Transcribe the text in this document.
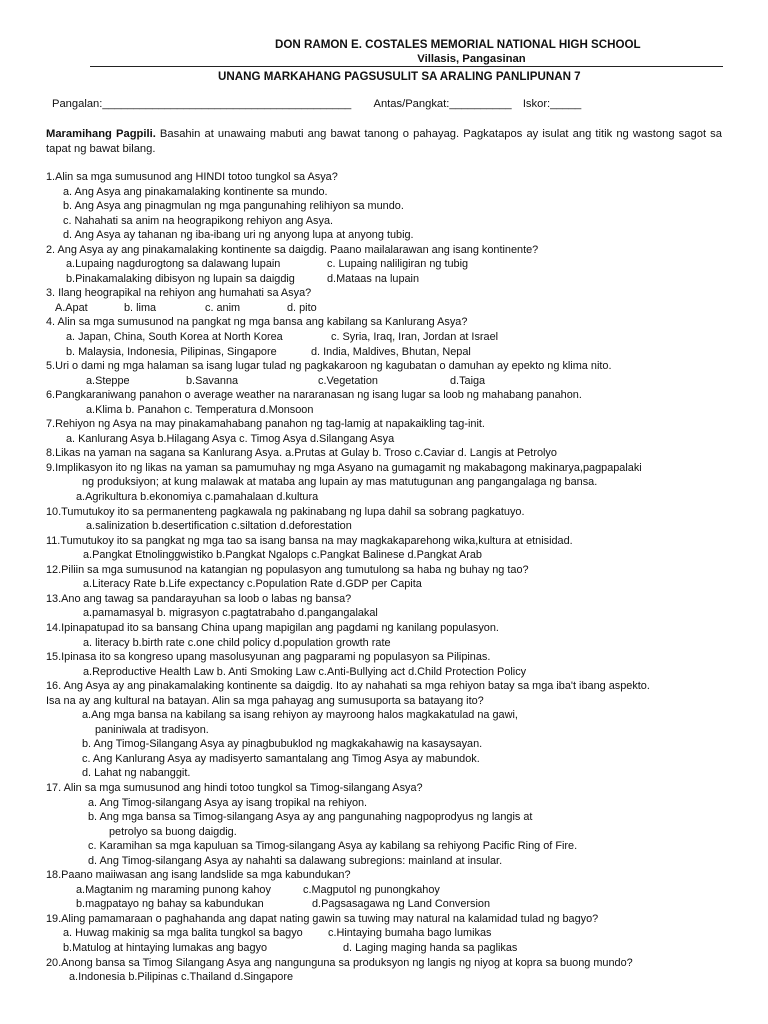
DON RAMON E. COSTALES MEMORIAL NATIONAL HIGH SCHOOL
Villasis, Pangasinan
UNANG MARKAHANG PAGSUSULIT SA ARALING PANLIPUNAN 7
Pangalan:________________________________________ Antas/Pangkat:__________ Iskor:_____
Maramihang Pagpili. Basahin at unawaing mabuti ang bawat tanong o pahayag. Pagkatapos ay isulat ang titik ng wastong sagot sa tapat ng bawat bilang.
1.Alin sa mga sumusunod ang HINDI totoo tungkol sa Asya?
a. Ang Asya ang pinakamalaking kontinente sa mundo.
b. Ang Asya ang pinagmulan ng mga pangunahing relihiyon sa mundo.
c. Nahahati sa anim na heograpikong rehiyon ang Asya.
d. Ang Asya ay tahanan ng iba-ibang uri ng anyong lupa at anyong tubig.
2. Ang Asya ay ang pinakamalaking kontinente sa daigdig. Paano mailalarawan ang isang kontinente?
a.Lupaing nagdurogtong sa dalawang lupain	c. Lupaing naliligiran ng tubig
b.Pinakamalaking dibisyon ng lupain sa daigdig	d.Mataas na lupain
3. Ilang heograpikal na rehiyon ang humahati sa Asya?
A.Apat	b. lima	c. anim	d. pito
4. Alin sa mga sumusunod na pangkat ng mga bansa ang kabilang sa Kanlurang Asya?
a. Japan, China, South Korea at North Korea	c. Syria, Iraq, Iran, Jordan at Israel
b. Malaysia, Indonesia, Pilipinas, Singapore	d. India, Maldives, Bhutan, Nepal
5.Uri o dami ng mga halaman sa isang lugar tulad ng pagkakaroon ng kagubatan o damuhan ay epekto ng klima nito.
a.Steppe	b.Savanna	c.Vegetation	d.Taiga
6.Pangkaraniwang panahon o average weather na nararanasan ng isang lugar sa loob ng mahabang panahon.
a.Klima b. Panahon c. Temperatura d.Monsoon
7.Rehiyon ng Asya na may pinakamahabang panahon ng tag-lamig at napakaikling tag-init.
a. Kanlurang Asya b.Hilagang Asya c. Timog Asya d.Silangang Asya
8.Likas na yaman na sagana sa Kanlurang Asya. a.Prutas at Gulay b. Troso c.Caviar d. Langis at Petrolyo
9.Implikasyon ito ng likas na yaman sa pamumuhay ng mga Asyano na gumagamit ng makabagong makinarya,pagpapalaki
ng produksiyon; at kung malawak at mataba ang lupain ay mas matutugunan ang pangangalaga ng bansa.
a.Agrikultura b.ekonomiya c.pamahalaan d.kultura
10.Tumutukoy ito sa permanenteng pagkawala ng pakinabang ng lupa dahil sa sobrang pagkatuyo.
a.salinization b.desertification c.siltation d.deforestation
11.Tumutukoy ito sa pangkat ng mga tao sa isang bansa na may magkakaparehong wika,kultura at etnisidad.
a.Pangkat Etnolinggwistiko b.Pangkat Ngalops c.Pangkat Balinese d.Pangkat Arab
12.Piliin sa mga sumusunod na katangian ng populasyon ang tumutulong sa haba ng buhay ng tao?
a.Literacy Rate b.Life expectancy c.Population Rate d.GDP per Capita
13.Ano ang tawag sa pandarayuhan sa loob o labas ng bansa?
a.pamamasyal b. migrasyon c.pagtatrabaho d.pangangalakal
14.Ipinapatupad ito sa bansang China upang mapigilan ang pagdami ng kanilang populasyon.
a. literacy b.birth rate c.one child policy d.population growth rate
15.Ipinasa ito sa kongreso upang masolusyunan ang pagparami ng populasyon sa Pilipinas.
a.Reproductive Health Law b. Anti Smoking Law c.Anti-Bullying act d.Child Protection Policy
16. Ang Asya ay ang pinakamalaking kontinente sa daigdig. Ito ay nahahati sa mga rehiyon batay sa mga iba't ibang aspekto.
Isa na ay ang kultural na batayan. Alin sa mga pahayag ang sumusuporta sa batayang ito?
a.Ang mga bansa na kabilang sa isang rehiyon ay mayroong halos magkakatulad na gawi,
paniniwala at tradisyon.
b. Ang Timog-Silangang Asya ay pinagbubuklod ng magkakahawig na kasaysayan.
c. Ang Kanlurang Asya ay madisyerto samantalang ang Timog Asya ay mabundok.
d. Lahat ng nabanggit.
17. Alin sa mga sumusunod ang hindi totoo tungkol sa Timog-silangang Asya?
a. Ang Timog-silangang Asya ay isang tropikal na rehiyon.
b. Ang mga bansa sa Timog-silangang Asya ay ang pangunahing nagpoprodyus ng langis at
petrolyo sa buong daigdig.
c. Karamihan sa mga kapuluan sa Timog-silangang Asya ay kabilang sa rehiyong Pacific Ring of Fire.
d. Ang Timog-silangang Asya ay nahahti sa dalawang subregions: mainland at insular.
18.Paano maiiwasan ang isang landslide sa mga kabundukan?
a.Magtanim ng maraming punong kahoy	c.Magputol ng punongkahoy
b.magpatayo ng bahay sa kabundukan	d.Pagsasagawa ng Land Conversion
19.Aling pamamaraan o paghahanda ang dapat nating gawin sa tuwing may natural na kalamidad tulad ng bagyo?
a. Huwag makinig sa mga balita tungkol sa bagyo c.Hintaying bumaha bago lumikas
b.Matulog at hintaying lumakas ang bagyo	d. Laging maging handa sa paglikas
20.Anong bansa sa Timog Silangang Asya ang nangunguna sa produksyon ng langis ng niyog at kopra sa buong mundo?
a.Indonesia b.Pilipinas c.Thailand d.Singapore
